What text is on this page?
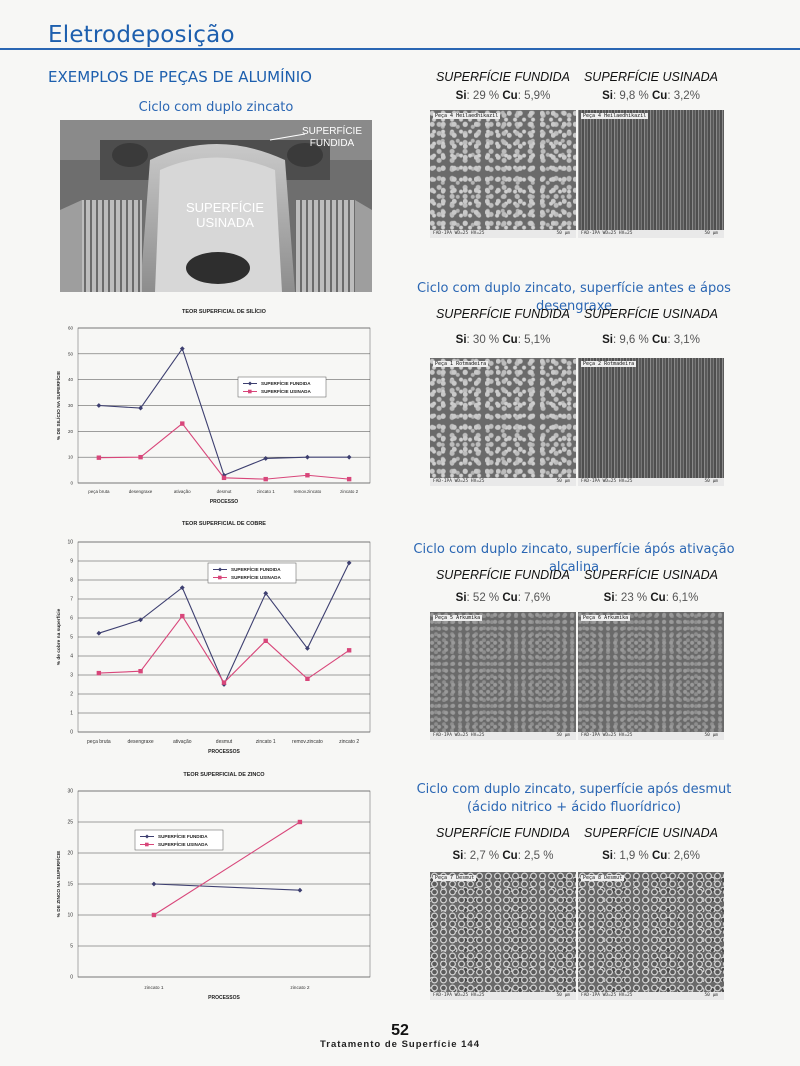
Eletrodeposição
EXEMPLOS DE PEÇAS DE ALUMÍNIO
Ciclo com duplo zincato
SUPERFÍCIE
FUNDIDA
SUPERFÍCIE
USINADA
TEOR SUPERFICIAL DE SILÍCIO
0
10
20
30
40
50
60
peça bruta	desengraxe	ativação	desmut	zincato 1	remov.zincato	zincato 2
PROCESSO
% DE SILÍCIO NA SUPERFÍCIE	SUPERFÍCIE FUNDIDA
SUPERFÍCIE USINADA
TEOR SUPERFICIAL DE COBRE
0
1
2
3
4
5
6
7
8
9
10
peça bruta	desengraxe	ativação	desmut	zincato 1	remov.zincato	zincato 2
PROCESSOS
% de cobre na superfície
SUPERFÍCIE FUNDIDA
SUPERFÍCIE USINADA
TEOR SUPERFICIAL DE ZINCO
0
5
10
15
20
25
30
zincato 1	zincato 2
PROCESSOS
% DE ZINCO NA SUPERFÍCIE
SUPERFÍCIE FUNDIDA
SUPERFÍCIE USINADA
SUPERFÍCIE FUNDIDA
Si: 29 % Cu: 5,9%
Peça 4 Heilaedhikazil
FAD-IPA WD=25 HV=25	50 μm
SUPERFÍCIE USINADA
Si: 9,8 % Cu: 3,2%
Peça 4 Heilaedhikazil
FAD-IPA WD=25 HV=25	50 μm
Ciclo com duplo zincato, superfície antes e ápos desengraxe
SUPERFÍCIE FUNDIDA
Si: 30 % Cu: 5,1%
Peça 1 Rotmadeira
FAD-IPA WD=25 HV=25	50 μm
SUPERFÍCIE USINADA
Si: 9,6 % Cu: 3,1%
Peça 2 Rotmadeira
FAD-IPA WD=25 HV=25	50 μm
Ciclo com duplo zincato, superfície ápós ativação alcalina
SUPERFÍCIE FUNDIDA
Si: 52 % Cu: 7,6%
Peça 5 Arkumika
FAD-IPA WD=25 HV=25	50 μm
SUPERFÍCIE USINADA
Si: 23 % Cu: 6,1%
Peça 6 Arkumika
FAD-IPA WD=25 HV=25	50 μm
Ciclo com duplo zincato, superfície após desmut (ácido nitrico + ácido fluorídrico)
SUPERFÍCIE FUNDIDA
Si: 2,7 % Cu: 2,5 %
Peça 7 Desmut
FAD-IPA WD=25 HV=25	50 μm
SUPERFÍCIE USINADA
Si: 1,9 % Cu: 2,6%
Peça 8 Desmut
FAD-IPA WD=25 HV=25	50 μm
52
Tratamento de Superfície 144
